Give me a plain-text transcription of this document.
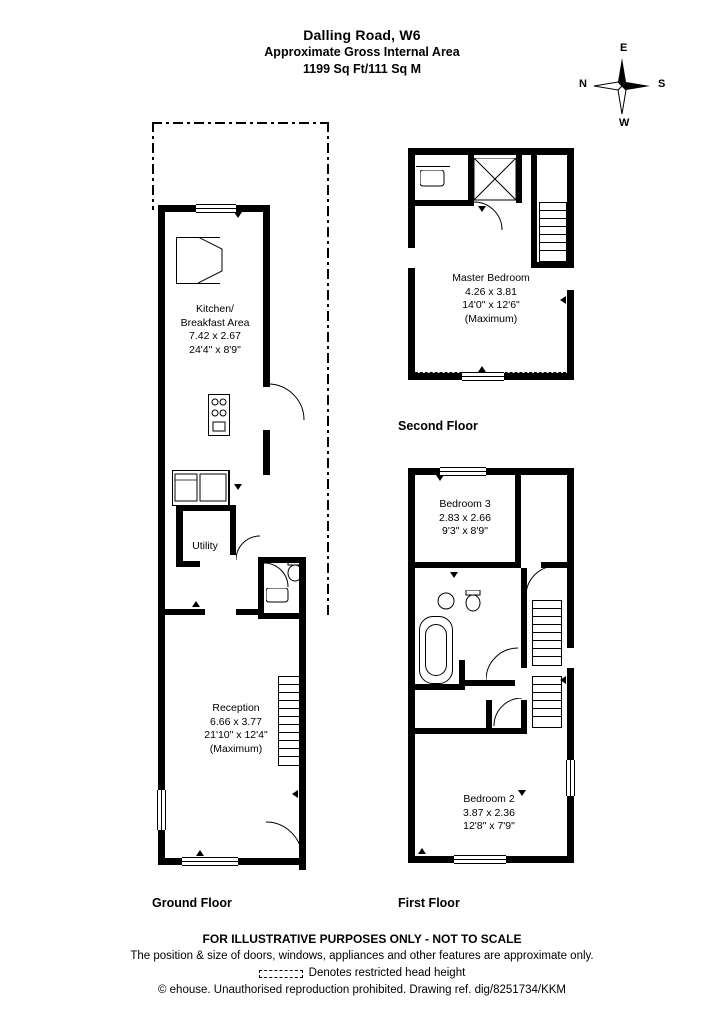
Dalling Road, W6
Approximate Gross Internal Area
1199 Sq Ft/111 Sq M
N
E
S
W
Kitchen/
Breakfast Area
7.42 x 2.67
24'4" x 8'9"
Utility
Reception
6.66 x 3.77
21'10" x 12'4"
(Maximum)
Ground Floor
Master Bedroom
4.26 x 3.81
14'0" x 12'6"
(Maximum)
Second Floor
Bedroom 3
2.83 x 2.66
9'3" x 8'9"
Bedroom 2
3.87 x 2.36
12'8" x 7'9"
First Floor
FOR ILLUSTRATIVE PURPOSES ONLY - NOT TO SCALE
The position & size of doors, windows, appliances and other features are approximate only.
Denotes restricted head height
© ehouse. Unauthorised reproduction prohibited. Drawing ref. dig/8251734/KKM
